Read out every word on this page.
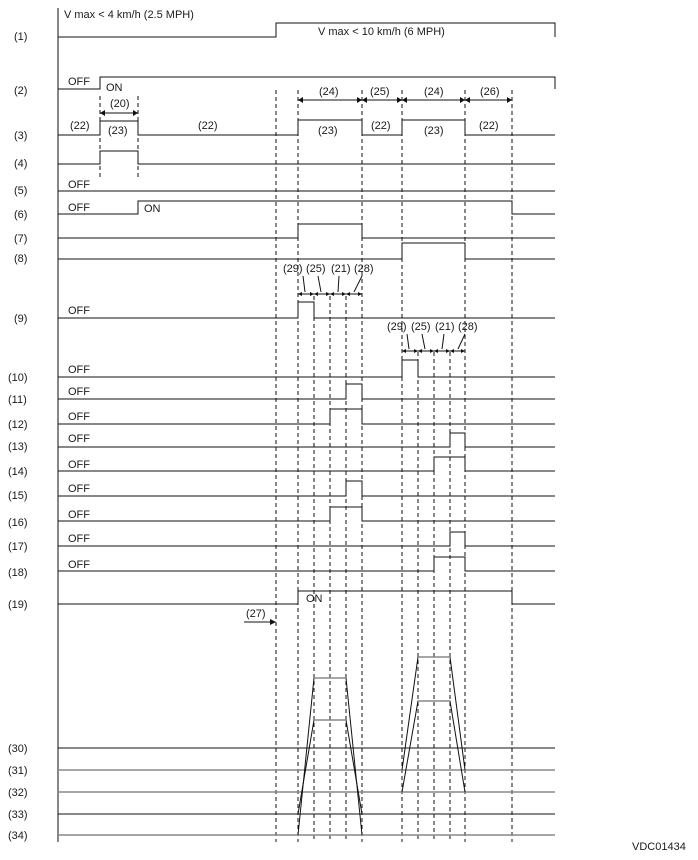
(1)
(2)
(3)
(4)
(5)
(6)
(7)
(8)
(9)
(10)
(11)
(12)
(13)
(14)
(15)
(16)
(17)
(18)
(19)
(30)
(31)
(32)
(33)
(34)
V max < 4 km/h (2.5 MPH)
V max < 10 km/h (6 MPH)
OFF ON
(20)
(24)	(25)	(24)	(26)
(22) (23)	(22)	(23)	(22)	(23)	(22)
OFF
OFF	ON
(29) (25) (21) (28)
OFF
(29) (25) (21) (28)
OFF
OFF
OFF
OFF
OFF
OFF
OFF
OFF
OFF
ON
(27)
VDC01434
